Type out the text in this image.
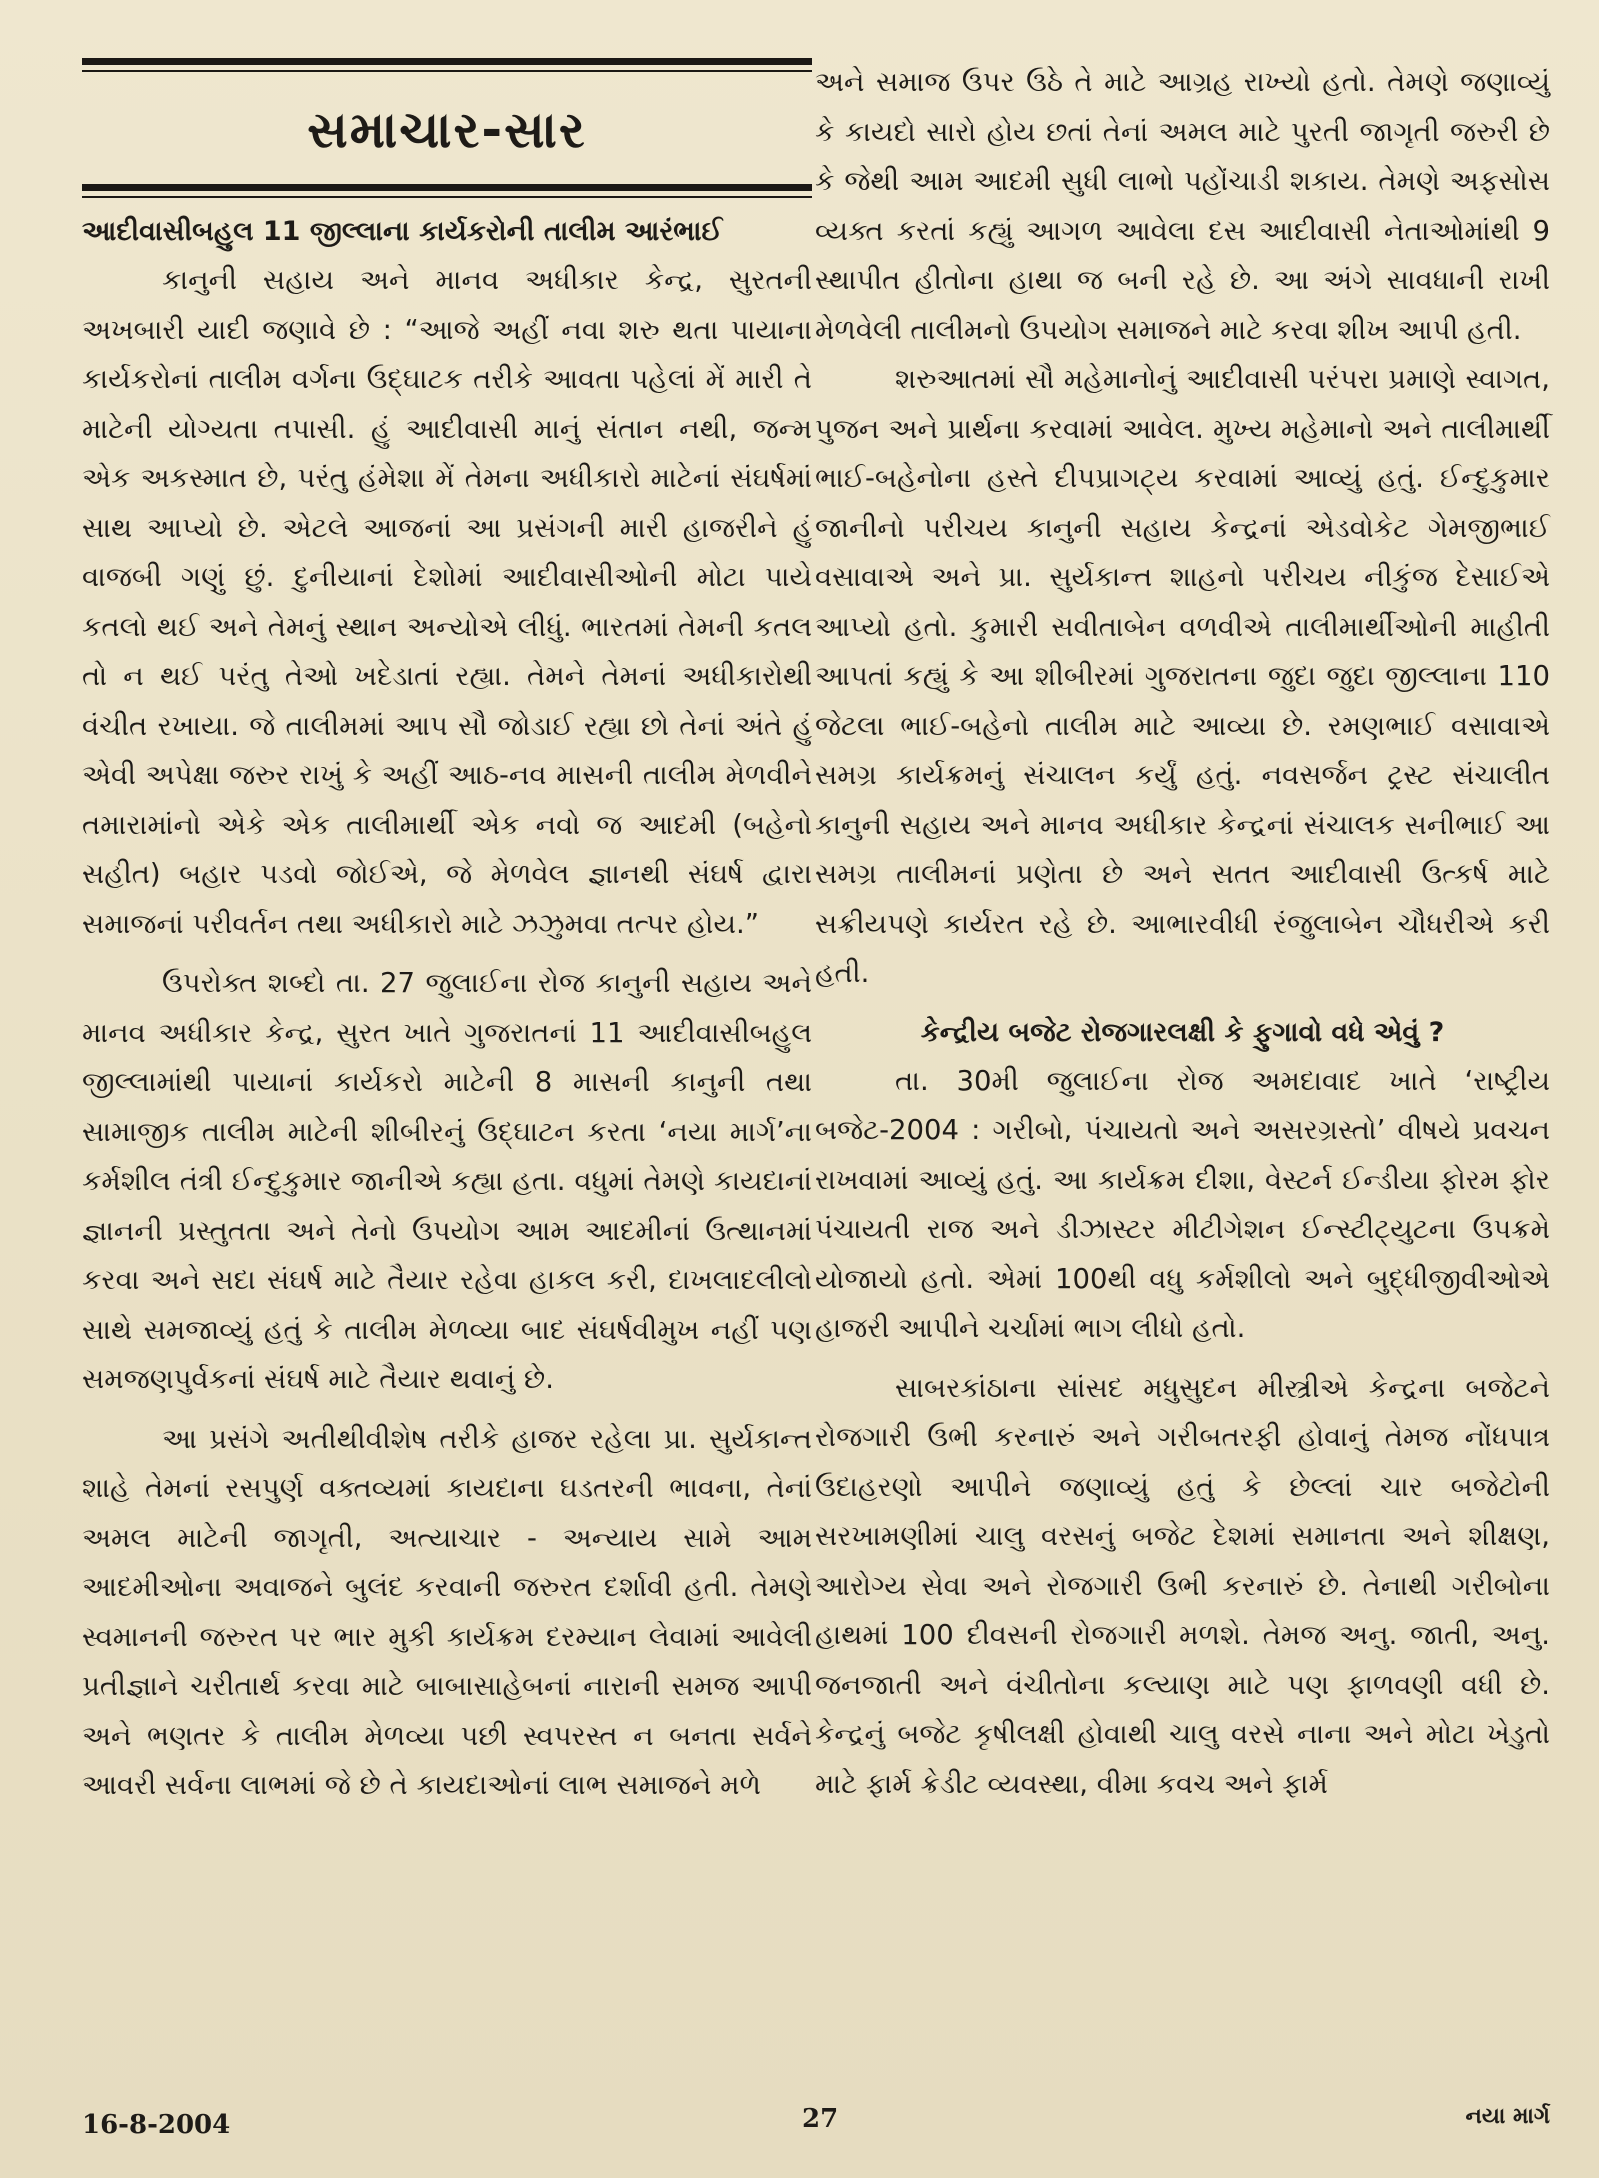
સમાચાર-સાર
આદીવાસીબહુલ 11 જીલ્લાના કાર્યકરોની તાલીમ આરંભાઈ

કાનુની સહાય અને માનવ અધીકાર કેન્દ્ર, સુરતની અખબારી યાદી જણાવે છે : “આજે અહીં નવા શરુ થતા પાયાના કાર્યકરોનાં તાલીમ વર્ગના ઉદ્ઘાટક તરીકે આવતા પહેલાં મેં મારી તે માટેની યોગ્યતા તપાસી. હું આદીવાસી માનું સંતાન નથી, જન્મ એક અકસ્માત છે, પરંતુ હંમેશા મેં તેમના અધીકારો માટેનાં સંઘર્ષમાં સાથ આપ્યો છે. એટલે આજનાં આ પ્રસંગની મારી હાજરીને હું વાજબી ગણું છું. દુનીયાનાં દેશોમાં આદીવાસીઓની મોટા પાયે કતલો થઈ અને તેમનું સ્થાન અન્યોએ લીધું. ભારતમાં તેમની કતલ તો ન થઈ પરંતુ તેઓ ખદેડાતાં રહ્યા. તેમને તેમનાં અધીકારોથી વંચીત રખાયા. જે તાલીમમાં આપ સૌ જોડાઈ રહ્યા છો તેનાં અંતે હું એવી અપેક્ષા જરુર રાખું કે અહીં આઠ-નવ માસની તાલીમ મેળવીને તમારામાંનો એકે એક તાલીમાર્થી એક નવો જ આદમી (બહેનો સહીત) બહાર પડવો જોઈએ, જે મેળવેલ જ્ઞાનથી સંઘર્ષ દ્વારા સમાજનાં પરીવર્તન તથા અધીકારો માટે ઝઝુમવા તત્પર હોય.”

ઉપરોક્ત શબ્દો તા. 27 જુલાઈના રોજ કાનુની સહાય અને માનવ અધીકાર કેન્દ્ર, સુરત ખાતે ગુજરાતનાં 11 આદીવાસીબહુલ જીલ્લામાંથી પાયાનાં કાર્યકરો માટેની 8 માસની કાનુની તથા સામાજીક તાલીમ માટેની શીબીરનું ઉદ્ઘાટન કરતા ‘નયા માર્ગ’ના કર્મશીલ તંત્રી ઈન્દુકુમાર જાનીએ કહ્યા હતા. વધુમાં તેમણે કાયદાનાં જ્ઞાનની પ્રસ્તુતતા અને તેનો ઉપયોગ આમ આદમીનાં ઉત્થાનમાં કરવા અને સદા સંઘર્ષ માટે તૈયાર રહેવા હાકલ કરી, દાખલાદલીલો સાથે સમજાવ્યું હતું કે તાલીમ મેળવ્યા બાદ સંઘર્ષવીમુખ નહીં પણ સમજણપુર્વકનાં સંઘર્ષ માટે તૈયાર થવાનું છે.

આ પ્રસંગે અતીથીવીશેષ તરીકે હાજર રહેલા પ્રા. સુર્યકાન્ત શાહે તેમનાં રસપુર્ણ વક્તવ્યમાં કાયદાના ઘડતરની ભાવના, તેનાં અમલ માટેની જાગૃતી, અત્યાચાર - અન્યાય સામે આમ આદમીઓના અવાજને બુલંદ કરવાની જરુરત દર્શાવી હતી. તેમણે સ્વમાનની જરુરત પર ભાર મુકી કાર્યક્રમ દરમ્યાન લેવામાં આવેલી પ્રતીજ્ઞાને ચરીતાર્થ કરવા માટે બાબાસાહેબનાં નારાની સમજ આપી અને ભણતર કે તાલીમ મેળવ્યા પછી સ્વપરસ્ત ન બનતા સર્વને આવરી સર્વના લાભમાં જે છે તે કાયદાઓનાં લાભ સમાજને મળે

અને સમાજ ઉપર ઉઠે તે માટે આગ્રહ રાખ્યો હતો. તેમણે જણાવ્યું કે કાયદો સારો હોય છતાં તેનાં અમલ માટે પુરતી જાગૃતી જરુરી છે કે જેથી આમ આદમી સુધી લાભો પહોંચાડી શકાય. તેમણે અફસોસ વ્યક્ત કરતાં કહ્યું આગળ આવેલા દસ આદીવાસી નેતાઓમાંથી 9 સ્થાપીત હીતોના હાથા જ બની રહે છે. આ અંગે સાવધાની રાખી મેળવેલી તાલીમનો ઉપયોગ સમાજને માટે કરવા શીખ આપી હતી.

શરુઆતમાં સૌ મહેમાનોનું આદીવાસી પરંપરા પ્રમાણે સ્વાગત, પુજન અને પ્રાર્થના કરવામાં આવેલ. મુખ્ય મહેમાનો અને તાલીમાર્થી ભાઈ-બહેનોના હસ્તે દીપપ્રાગટ્ય કરવામાં આવ્યું હતું. ઈન્દુકુમાર જાનીનો પરીચય કાનુની સહાય કેન્દ્રનાં એડવોકેટ ગેમજીભાઈ વસાવાએ અને પ્રા. સુર્યકાન્ત શાહનો પરીચય નીકુંજ દેસાઈએ આપ્યો હતો. કુમારી સવીતાબેન વળવીએ તાલીમાર્થીઓની માહીતી આપતાં કહ્યું કે આ શીબીરમાં ગુજરાતના જુદા જુદા જીલ્લાના 110 જેટલા ભાઈ-બહેનો તાલીમ માટે આવ્યા છે. રમણભાઈ વસાવાએ સમગ્ર કાર્યક્રમનું સંચાલન કર્યું હતું. નવસર્જન ટ્રસ્ટ સંચાલીત કાનુની સહાય અને માનવ અધીકાર કેન્દ્રનાં સંચાલક સનીભાઈ આ સમગ્ર તાલીમનાં પ્રણેતા છે અને સતત આદીવાસી ઉત્કર્ષ માટે સક્રીયપણે કાર્યરત રહે છે. આભારવીધી રંજુલાબેન ચૌધરીએ કરી હતી.

કેન્દ્રીય બજેટ રોજગારલક્ષી કે ફુગાવો વધે એવું ?

તા. 30મી જુલાઈના રોજ અમદાવાદ ખાતે ‘રાષ્ટ્રીય બજેટ-2004 : ગરીબો, પંચાયતો અને અસરગ્રસ્તો’ વીષયે પ્રવચન રાખવામાં આવ્યું હતું. આ કાર્યક્રમ દીશા, વેસ્ટર્ન ઈન્ડીયા ફોરમ ફોર પંચાયતી રાજ અને ડીઝાસ્ટર મીટીગેશન ઈન્સ્ટીટ્યુટના ઉપક્રમે યોજાયો હતો. એમાં 100થી વધુ કર્મશીલો અને બુદ્ધીજીવીઓએ હાજરી આપીને ચર્ચામાં ભાગ લીધો હતો.

સાબરકાંઠાના સાંસદ મધુસુદન મીસ્ત્રીએ કેન્દ્રના બજેટને રોજગારી ઉભી કરનારું અને ગરીબતરફી હોવાનું તેમજ નોંધપાત્ર ઉદાહરણો આપીને જણાવ્યું હતું કે છેલ્લાં ચાર બજેટોની સરખામણીમાં ચાલુ વરસનું બજેટ દેશમાં સમાનતા અને શીક્ષણ, આરોગ્ય સેવા અને રોજગારી ઉભી કરનારું છે. તેનાથી ગરીબોના હાથમાં 100 દીવસની રોજગારી મળશે. તેમજ અનુ. જાતી, અનુ. જનજાતી અને વંચીતોના કલ્યાણ માટે પણ ફાળવણી વધી છે. કેન્દ્રનું બજેટ કૃષીલક્ષી હોવાથી ચાલુ વરસે નાના અને મોટા ખેડુતો માટે ફાર્મ ક્રેડીટ વ્યવસ્થા, વીમા કવચ અને ફાર્મ

16-8-2004	27	નયા માર્ગ
